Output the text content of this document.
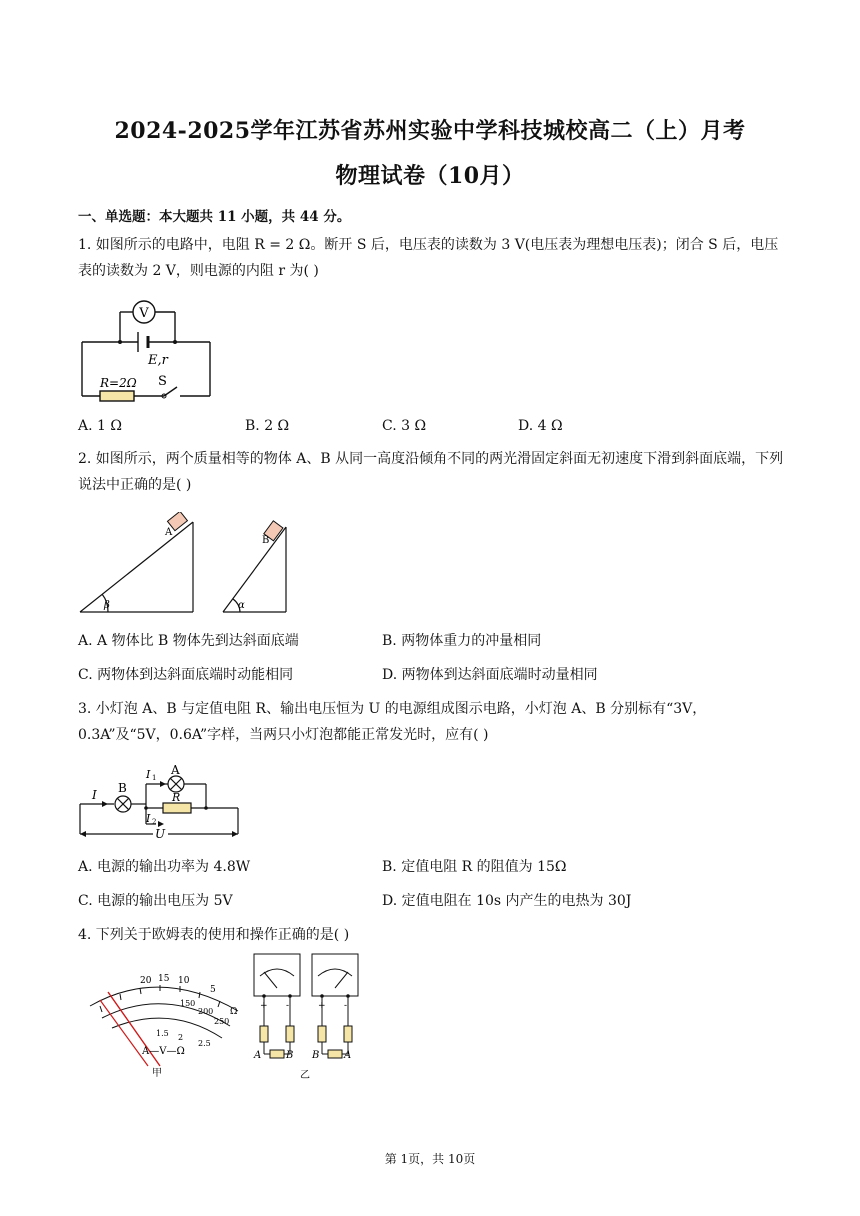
2024-2025学年江苏省苏州实验中学科技城校高二（上）月考
物理试卷（10月）
一、单选题：本大题共 11 小题，共 44 分。
1. 如图所示的电路中，电阻 R = 2 Ω。断开 S 后，电压表的读数为 3 V(电压表为理想电压表)；闭合 S 后，电压表的读数为 2 V，则电源的内阻 r 为( )
V
E,r
R=2Ω S
A. 1 Ω	B. 2 Ω	C. 3 Ω	D. 4 Ω
2. 如图所示，两个质量相等的物体 A、B 从同一高度沿倾角不同的两光滑固定斜面无初速度下滑到斜面底端，下列说法中正确的是( )
A
B
β	α
A. A 物体比 B 物体先到达斜面底端	B. 两物体重力的冲量相同
C. 两物体到达斜面底端时动能相同	D. 两物体到达斜面底端时动量相同
3. 小灯泡 A、B 与定值电阻 R、输出电压恒为 U 的电源组成图示电路，小灯泡 A、B 分别标有“3V，0.3A”及“5V，0.6A”字样，当两只小灯泡都能正常发光时，应有( )
B
A
I
I 1
I 2
R
U
A. 电源的输出功率为 4.8W	B. 定值电阻 R 的阻值为 15Ω
C. 电源的输出电压为 5V	D. 定值电阻在 10s 内产生的电热为 30J
4. 下列关于欧姆表的使用和操作正确的是( )
20 15 10
5
150
200
250
1.5 2
2.5
Ω
A—V—Ω
甲
+ -	+ -
A B B A
乙
第 1页，共 10页
